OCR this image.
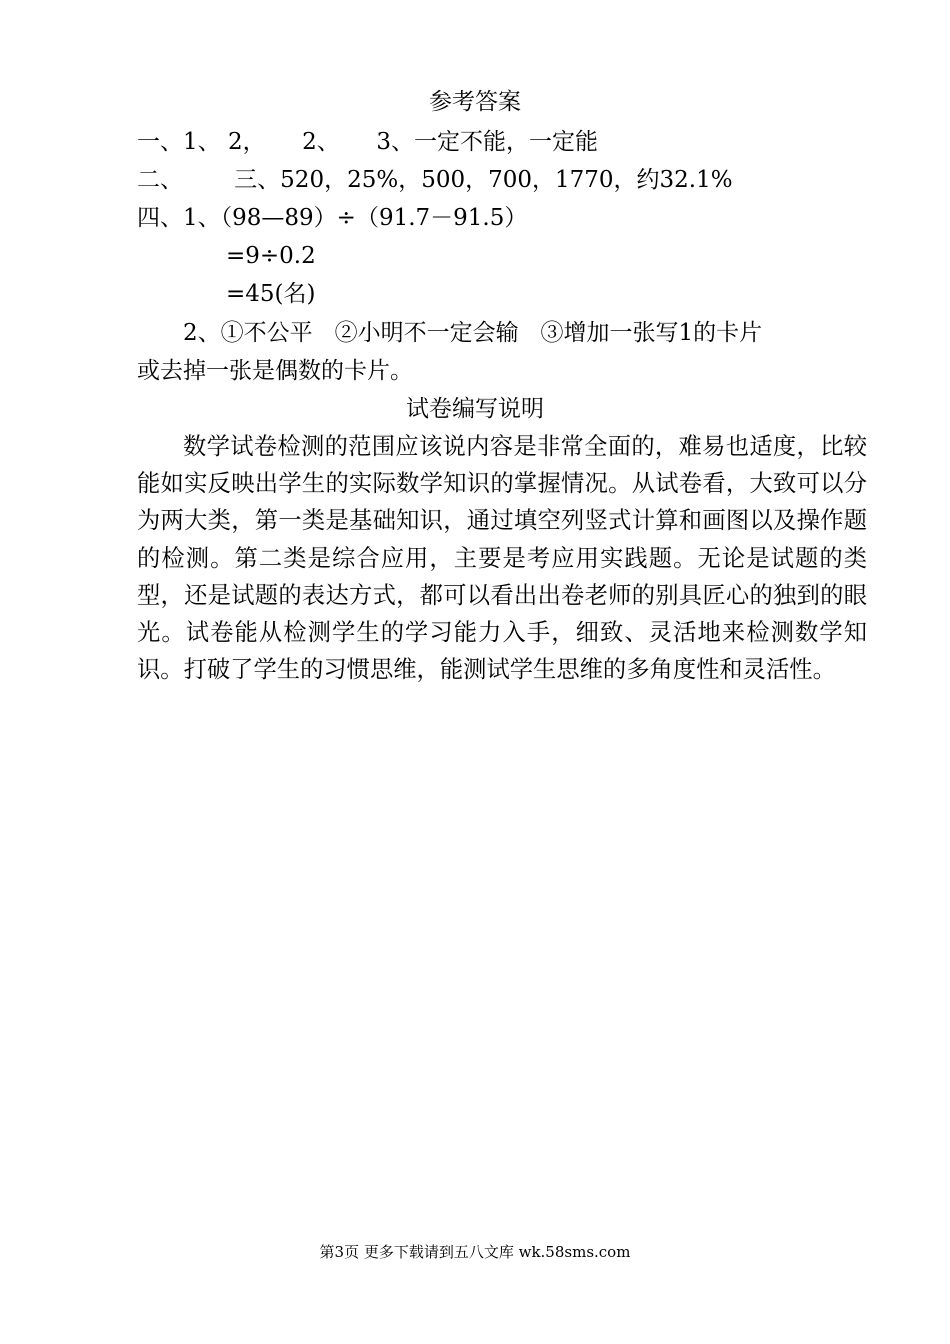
参考答案
一、1、 2，     2、     3、一定不能，一定能
二、       三、520，25%，500，700，1770，约32.1%
四、1、（98—89）÷（91.7－91.5）
=9÷0.2
=45(名)
2、①不公平   ②小明不一定会输   ③增加一张写1的卡片
或去掉一张是偶数的卡片。
试卷编写说明
数学试卷检测的范围应该说内容是非常全面的，难易也适度，比较能如实反映出学生的实际数学知识的掌握情况。从试卷看，大致可以分为两大类，第一类是基础知识，通过填空列竖式计算和画图以及操作题的检测。第二类是综合应用，主要是考应用实践题。无论是试题的类型，还是试题的表达方式，都可以看出出卷老师的别具匠心的独到的眼光。试卷能从检测学生的学习能力入手，细致、灵活地来检测数学知识。打破了学生的习惯思维，能测试学生思维的多角度性和灵活性。
第3页 更多下载请到五八文库 wk.58sms.com
